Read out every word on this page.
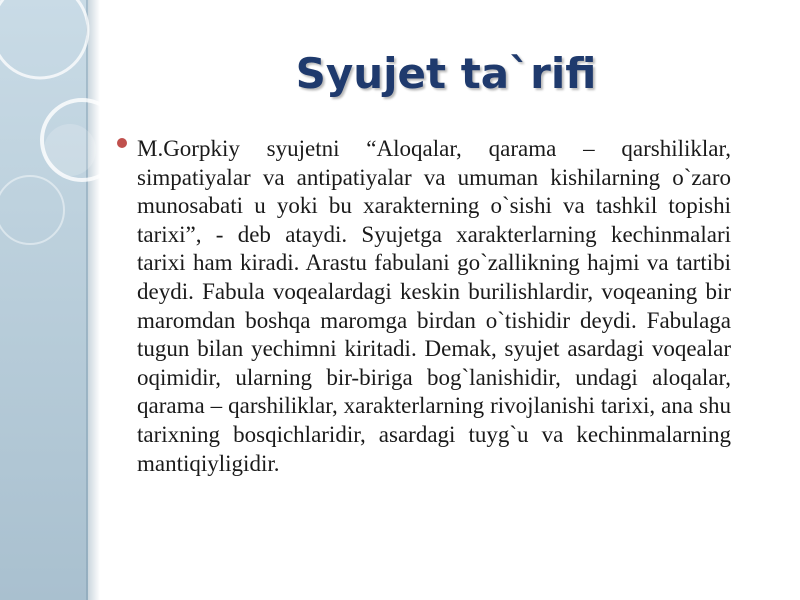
Syujet ta`rifi
M.Gorpkiy syujetni “Aloqalar, qarama – qarshiliklar, simpatiyalar va antipatiyalar va umuman kishilarning o`zaro munosabati u yoki bu xarakterning o`sishi va tashkil topishi tarixi”, - deb ataydi. Syujetga xarakterlarning kechinmalari tarixi ham kiradi. Arastu fabulani go`zallikning hajmi va tartibi deydi. Fabula voqealardagi keskin burilishlardir, voqeaning bir maromdan boshqa maromga birdan o`tishidir deydi. Fabulaga tugun bilan yechimni kiritadi. Demak, syujet asardagi voqealar oqimidir, ularning bir-biriga bog`lanishidir, undagi aloqalar, qarama – qarshiliklar, xarakterlarning rivojlanishi tarixi, ana shu tarixning bosqichlaridir, asardagi tuyg`u va kechinmalarning mantiqiyligidir.
